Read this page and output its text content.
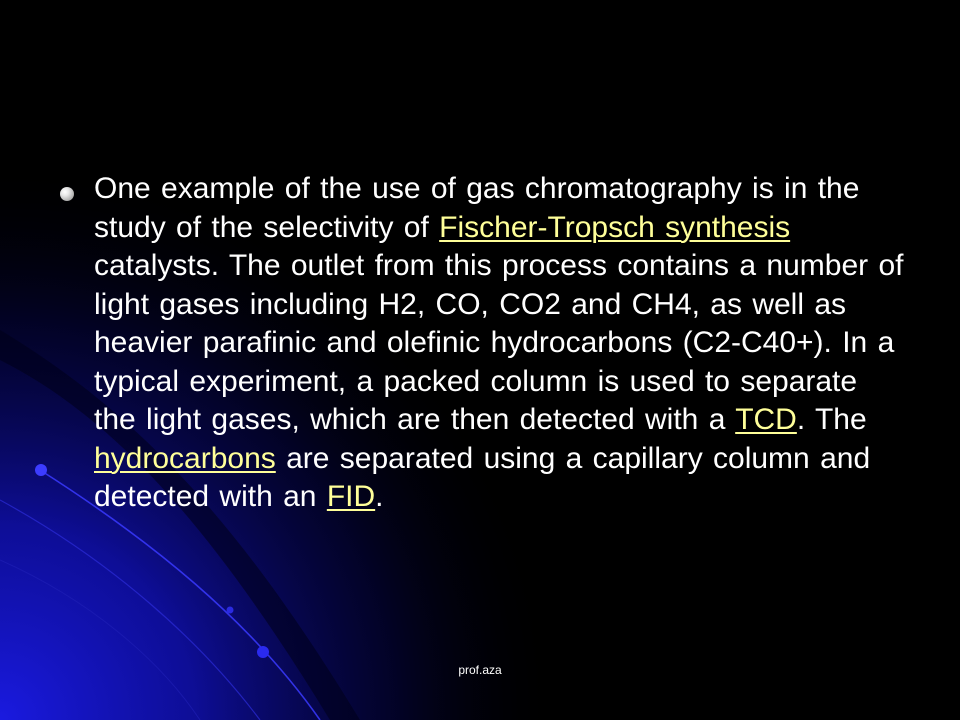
One example of the use of gas chromatography is in the study of the selectivity of Fischer-Tropsch synthesis catalysts. The outlet from this process contains a number of light gases including H2, CO, CO2 and CH4, as well as heavier parafinic and olefinic hydrocarbons (C2-C40+). In a typical experiment, a packed column is used to separate the light gases, which are then detected with a TCD. The hydrocarbons are separated using a capillary column and detected with an FID.

prof.aza
